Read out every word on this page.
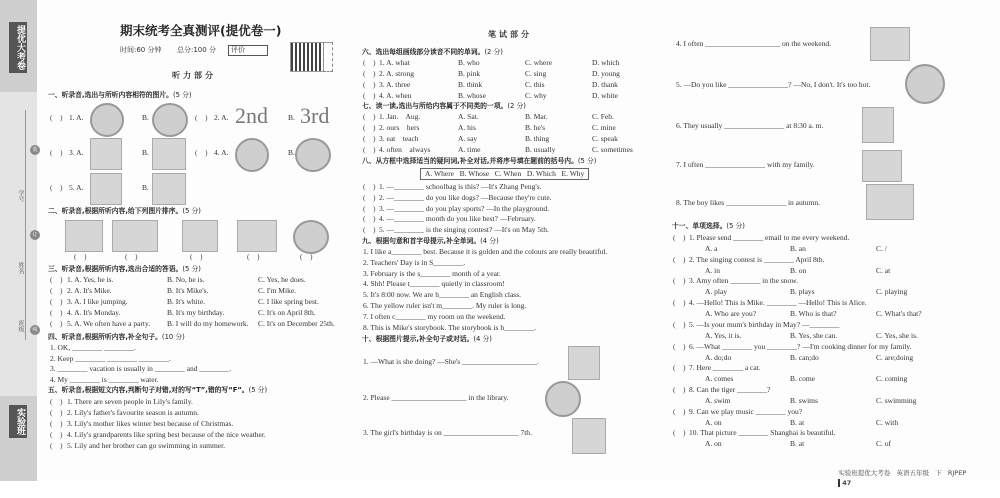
提优大考卷
实验班
学号
姓名
班级
装
订
线
期末统考全真测评(提优卷一)
时间:60 分钟 总分:100 分	评价
听力部分
笔试部分
一、听录音,选出与所听内容相符的图片。(5 分)
(    ) 1. A.	B.	(    ) 2. A.	B.
2nd 3rd
(    ) 3. A.	B.	(    ) 4. A.	B.
(    ) 5. A.	B.
二、听录音,根据所听内容,给下列图片排序。(5 分)
(    )	(    )	(    )	(    )	(    )
三、听录音,根据所听内容,选出合适的答语。(5 分)
(    ) 1. A. Yes, he is.	B. No, he is.	C. Yes, he does.
(    ) 2. A. It's Mike.	B. It's Mike's.	C. I'm Mike.
(    ) 3. A. I like jumping.	B. It's white.	C. I like spring best.
(    ) 4. A. It's Monday.	B. It's my birthday.	C. It's on April 8th.
(    ) 5. A. We often have a party. B. I will do my homework. C. It's on December 25th.
四、听录音,根据所听内容,补全句子。(10 分)
1. OK, ________ ________.
2. Keep ________ ________ ________.
3. ________ vacation is usually in ________ and ________.
4. My ________ is ________ water.
五、听录音,根据短文内容,判断句子对错,对的写“T”,错的写“F”。(5 分)
(    ) 1. There are seven people in Lily's family.
(    ) 2. Lily's father's favourite season is autumn.
(    ) 3. Lily's mother likes winter best because of Christmas.
(    ) 4. Lily's grandparents like spring best because of the nice weather.
(    ) 5. Lily and her brother can go swimming in summer.
六、选出每组画线部分读音不同的单词。(2 分)
(    ) 1. A. what	B. who	C. where	D. which
(    ) 2. A. strong	B. pink	C. sing	D. young
(    ) 3. A. three	B. think	C. this	D. thank
(    ) 4. A. when	B. whose	C. why	D. white
七、读一读,选出与所给内容属于不同类的一项。(2 分)
(    ) 1. Jan.    Aug.	A. Sat.	B. Mar.	C. Feb.
(    ) 2. ours    hers	A. his	B. he's	C. mine
(    ) 3. eat    teach	A. say	B. thing	C. speak
(    ) 4. often    always	A. time	B. usually	C. sometimes
八、从方框中选择适当的疑问词,补全对话,并将序号填在题前的括号内。(5 分)
A. Where   B. Whose   C. When   D. Which   E. Why
(    ) 1. —________ schoolbag is this? —It's Zhang Peng's.
(    ) 2. —________ do you like dogs? —Because they're cute.
(    ) 3. —________ do you play sports? —In the playground.
(    ) 4. —________ month do you like best? —February.
(    ) 5. —________ is the singing contest? —It's on May 5th.
九、根据句意和首字母提示,补全单词。(4 分)
1. I like a________ best. Because it is golden and the colours are really beautiful.
2. Teachers' Day is in S________.
3. February is the s________ month of a year.
4. Shh! Please t________ quietly in classroom!
5. It's 8:00 now. We are h________ an English class.
6. The yellow ruler isn't m________. My ruler is long.
7. I often c________ my room on the weekend.
8. This is Mike's storybook. The storybook is h________.
十、根据图片提示,补全句子或对话。(4 分)
1. —What is she doing? —She's ____________________.
2. Please ____________________ in the library.
3. The girl's birthday is on ____________________ 7th.
4. I often ____________________ on the weekend.
5. —Do you like ________________? —No, I don't. It's too hot.
6. They usually ________________ at 8:30 a. m.
7. I often ________________ with my family.
8. The boy likes ________________ in autumn.
十一、单项选择。(5 分)
(    ) 1. Please send ________ email to me every weekend.
A. a	B. an	C. /
(    ) 2. The singing contest is ________ April 8th.
A. in	B. on	C. at
(    ) 3. Amy often ________ in the snow.
A. play	B. plays	C. playing
(    ) 4. —Hello! This is Mike. ________ —Hello! This is Alice.
A. Who are you?	B. Who is that?	C. What's that?
(    ) 5. —Is your mum's birthday in May? —________
A. Yes, it is.	B. Yes, she can.	C. Yes, she is.
(    ) 6. —What ________ you ________? —I'm cooking dinner for my family.
A. do;do	B. can;do	C. are;doing
(    ) 7. Here ________ a cat.
A. comes	B. come	C. coming
(    ) 8. Can the tiger ________?
A. swim	B. swims	C. swimming
(    ) 9. Can we play music ________ you?
A. on	B. at	C. with
(    ) 10. That picture ________ Shanghai is beautiful.
A. on	B. at	C. of

实验班提优大考卷   英语五年级   下   RJPEP
47
